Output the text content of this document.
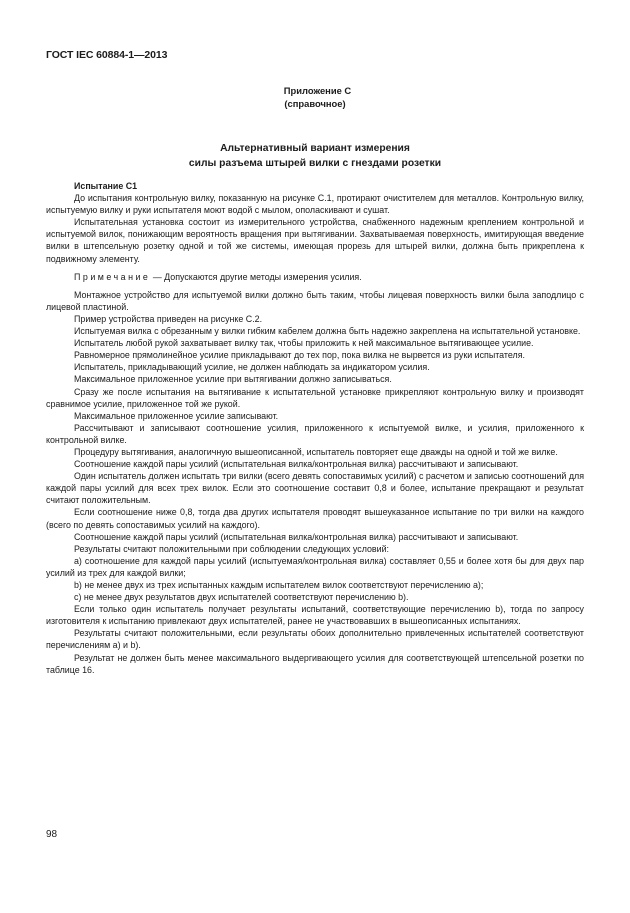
ГОСТ IEC 60884-1—2013
Приложение С
(справочное)
Альтернативный вариант измерения
силы разъема штырей вилки с гнездами розетки

Испытание С1

До испытания контрольную вилку, показанную на рисунке С.1, протирают очистителем для металлов. Контрольную вилку, испытуемую вилку и руки испытателя моют водой с мылом, ополаскивают и сушат.

Испытательная установка состоит из измерительного устройства, снабженного надежным креплением контрольной и испытуемой вилок, понижающим вероятность вращения при вытягивании. Захватываемая поверхность, имитирующая введение вилки в штепсельную розетку одной и той же системы, имеющая прорезь для штырей вилки, должна быть прикреплена к подвижному элементу.

Примечание — Допускаются другие методы измерения усилия.

Монтажное устройство для испытуемой вилки должно быть таким, чтобы лицевая поверхность вилки была заподлицо с лицевой пластиной.

Пример устройства приведен на рисунке С.2.

Испытуемая вилка с обрезанным у вилки гибким кабелем должна быть надежно закреплена на испытательной установке.

Испытатель любой рукой захватывает вилку так, чтобы приложить к ней максимальное вытягивающее усилие.

Равномерное прямолинейное усилие прикладывают до тех пор, пока вилка не вырвется из руки испытателя.

Испытатель, прикладывающий усилие, не должен наблюдать за индикатором усилия.

Максимальное приложенное усилие при вытягивании должно записываться.

Сразу же после испытания на вытягивание к испытательной установке прикрепляют контрольную вилку и производят сравнимое усилие, приложенное той же рукой.

Максимальное приложенное усилие записывают.

Рассчитывают и записывают соотношение усилия, приложенного к испытуемой вилке, и усилия, приложенного к контрольной вилке.

Процедуру вытягивания, аналогичную вышеописанной, испытатель повторяет еще дважды на одной и той же вилке.

Соотношение каждой пары усилий (испытательная вилка/контрольная вилка) рассчитывают и записывают.

Один испытатель должен испытать три вилки (всего девять сопоставимых усилий) с расчетом и записью соотношений для каждой пары усилий для всех трех вилок. Если это соотношение составит 0,8 и более, испытание прекращают и результат считают положительным.

Если соотношение ниже 0,8, тогда два других испытателя проводят вышеуказанное испытание по три вилки на каждого (всего по девять сопоставимых усилий на каждого).

Соотношение каждой пары усилий (испытательная вилка/контрольная вилка) рассчитывают и записывают.

Результаты считают положительными при соблюдении следующих условий:

а) соотношение для каждой пары усилий (испытуемая/контрольная вилка) составляет 0,55 и более хотя бы для двух пар усилий из трех для каждой вилки;

b) не менее двух из трех испытанных каждым испытателем вилок соответствуют перечислению а);

с) не менее двух результатов двух испытателей соответствуют перечислению b).

Если только один испытатель получает результаты испытаний, соответствующие перечислению b), тогда по запросу изготовителя к испытанию привлекают двух испытателей, ранее не участвовавших в вышеописанных испытаниях.

Результаты считают положительными, если результаты обоих дополнительно привлеченных испытателей соответствуют перечислениям а) и b).

Результат не должен быть менее максимального выдергивающего усилия для соответствующей штепсельной розетки по таблице 16.

98
